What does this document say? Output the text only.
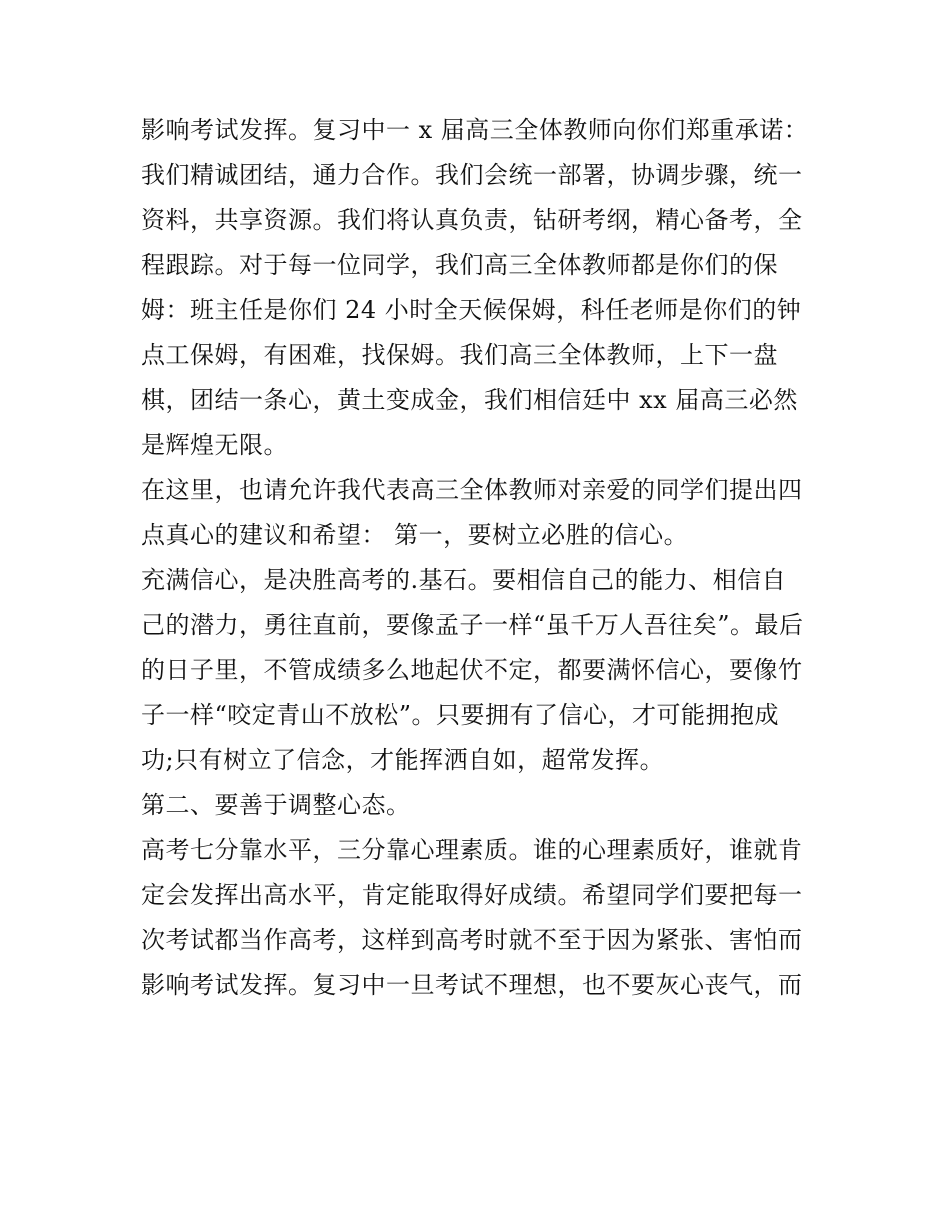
影响考试发挥。复习中一 x 届高三全体教师向你们郑重承诺：
我们精诚团结，通力合作。我们会统一部署，协调步骤，统一
资料，共享资源。我们将认真负责，钻研考纲，精心备考，全
程跟踪。对于每一位同学，我们高三全体教师都是你们的保
姆：班主任是你们 24 小时全天候保姆，科任老师是你们的钟
点工保姆，有困难，找保姆。我们高三全体教师，上下一盘
棋，团结一条心，黄土变成金，我们相信廷中 xx 届高三必然
是辉煌无限。
在这里，也请允许我代表高三全体教师对亲爱的同学们提出四
点真心的建议和希望： 第一，要树立必胜的信心。
充满信心，是决胜高考的.基石。要相信自己的能力、相信自
己的潜力，勇往直前，要像孟子一样“虽千万人吾往矣”。最后
的日子里，不管成绩多么地起伏不定，都要满怀信心，要像竹
子一样“咬定青山不放松”。只要拥有了信心，才可能拥抱成
功;只有树立了信念，才能挥洒自如，超常发挥。
第二、要善于调整心态。
高考七分靠水平，三分靠心理素质。谁的心理素质好，谁就肯
定会发挥出高水平，肯定能取得好成绩。希望同学们要把每一
次考试都当作高考，这样到高考时就不至于因为紧张、害怕而
影响考试发挥。复习中一旦考试不理想，也不要灰心丧气，而
